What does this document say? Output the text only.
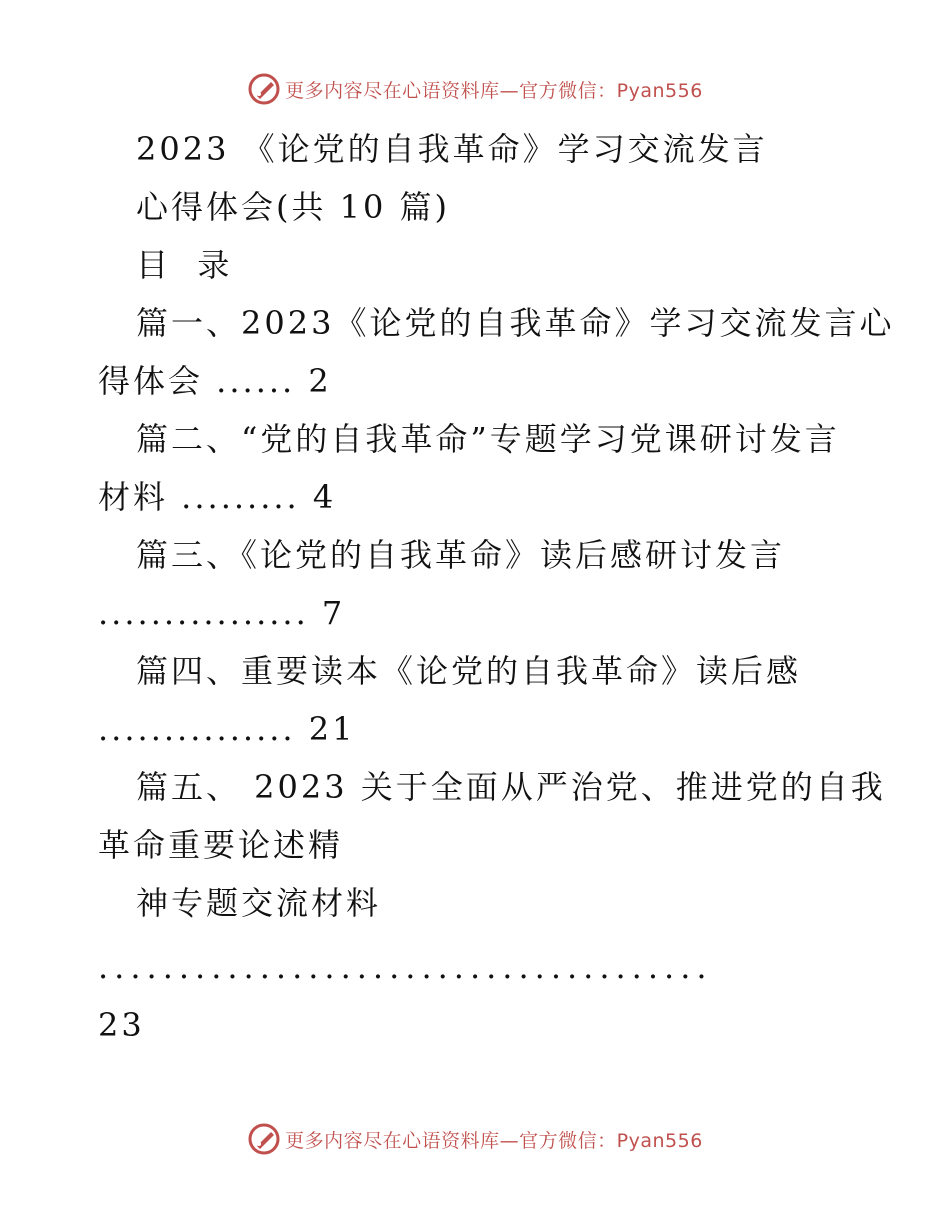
更多内容尽在心语资料库—官方微信：Pyan556
2023 《论党的自我革命》学习交流发言
心得体会(共 10 篇)
目  录
篇一、2023《论党的自我革命》学习交流发言心
得体会 ...... 2
篇二、“党的自我革命”专题学习党课研讨发言
材料 ......... 4
篇三、《论党的自我革命》读后感研讨发言
................ 7
篇四、重要读本《论党的自我革命》读后感
............... 21
篇五、 2023 关于全面从严治党、推进党的自我
革命重要论述精
神专题交流材料
......................................
23
更多内容尽在心语资料库—官方微信：Pyan556
